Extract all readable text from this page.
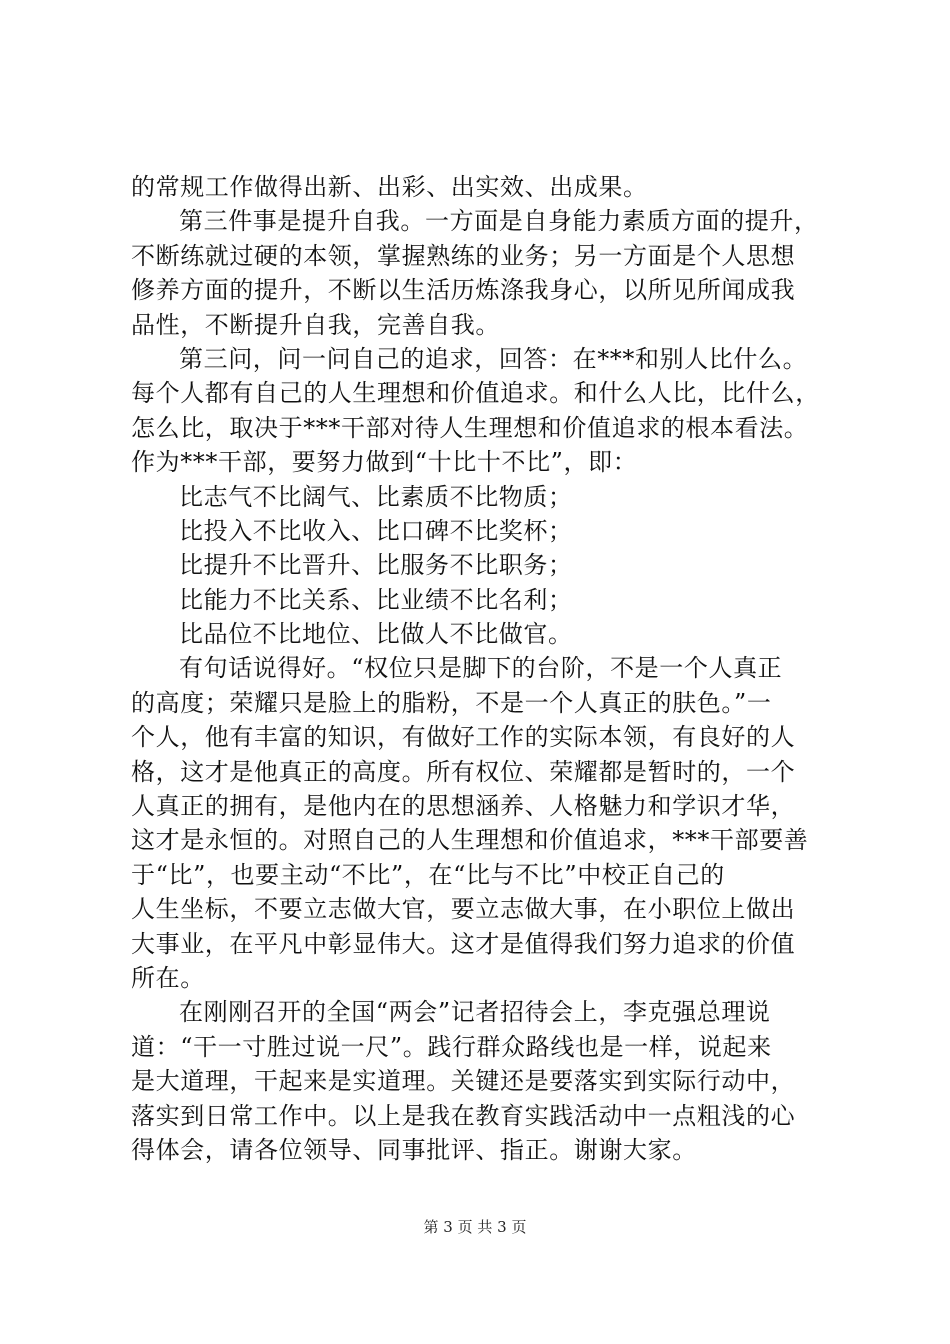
的常规工作做得出新、出彩、出实效、出成果。
第三件事是提升自我。一方面是自身能力素质方面的提升，
不断练就过硬的本领，掌握熟练的业务；另一方面是个人思想
修养方面的提升，不断以生活历炼涤我身心，以所见所闻成我
品性，不断提升自我，完善自我。
第三问，问一问自己的追求，回答：在***和别人比什么。
每个人都有自己的人生理想和价值追求。和什么人比，比什么，
怎么比，取决于***干部对待人生理想和价值追求的根本看法。
作为***干部，要努力做到“十比十不比”，即：
比志气不比阔气、比素质不比物质；
比投入不比收入、比口碑不比奖杯；
比提升不比晋升、比服务不比职务；
比能力不比关系、比业绩不比名利；
比品位不比地位、比做人不比做官。
有句话说得好。“权位只是脚下的台阶，不是一个人真正
的高度；荣耀只是脸上的脂粉，不是一个人真正的肤色。”一
个人，他有丰富的知识，有做好工作的实际本领，有良好的人
格，这才是他真正的高度。所有权位、荣耀都是暂时的，一个
人真正的拥有，是他内在的思想涵养、人格魅力和学识才华，
这才是永恒的。对照自己的人生理想和价值追求，***干部要善
于“比”，也要主动“不比”，在“比与不比”中校正自己的
人生坐标，不要立志做大官，要立志做大事，在小职位上做出
大事业，在平凡中彰显伟大。这才是值得我们努力追求的价值
所在。
在刚刚召开的全国“两会”记者招待会上，李克强总理说
道：“干一寸胜过说一尺”。践行群众路线也是一样，说起来
是大道理，干起来是实道理。关键还是要落实到实际行动中，
落实到日常工作中。以上是我在教育实践活动中一点粗浅的心
得体会，请各位领导、同事批评、指正。谢谢大家。
第 3 页 共 3 页
